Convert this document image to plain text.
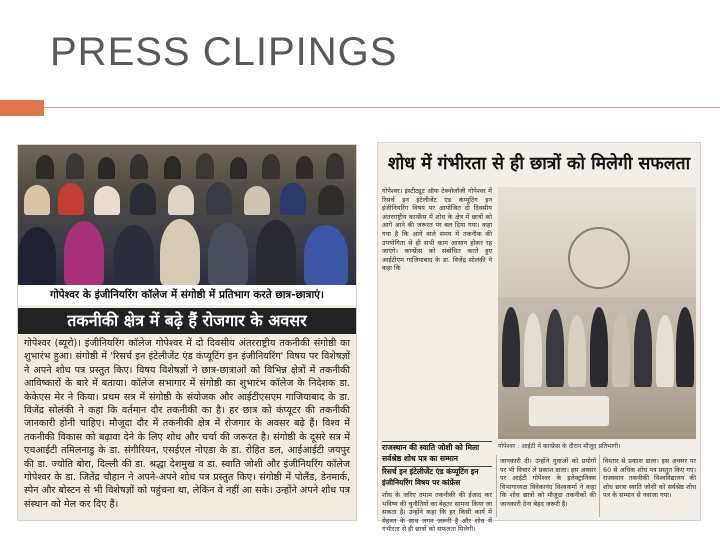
PRESS CLIPINGS
गोपेश्वर के इंजीनियरिंग कॉलेज में संगोष्ठी में प्रतिभाग करते छात्र-छात्राएं।
तकनीकी क्षेत्र में बढ़े हैं रोजगार के अवसर
गोपेश्वर (ब्यूरो)। इंजीनियरिंग कॉलेज गोपेश्वर में दो दिवसीय अंतरराष्ट्रीय तकनीकी संगोष्ठी का शुभारंभ हुआ। संगोष्ठी में 'रिसर्च इन इंटेलीजेंट एंड कंप्यूटिंग इन इंजीनियरिंग' विषय पर विशेषज्ञों ने अपने शोध पत्र प्रस्तुत किए। विषय विशेषज्ञों ने छात्र-छात्राओं को विभिन्न क्षेत्रों में तकनीकी आविष्कारों के बारे में बताया। कॉलेज सभागार में संगोष्ठी का शुभारंभ कॉलेज के निदेशक डा. केकेएस मेर ने किया। प्रथम सत्र में संगोष्ठी के संयोजक और आईटीएसएम गाजियाबाद के डा. विजेंद्र सोलंकी ने कहा कि वर्तमान दौर तकनीकी का है। हर छात्र को कंप्यूटर की तकनीकी जानकारी होनी चाहिए। मौजूदा दौर में तकनीकी क्षेत्र में रोजगार के अवसर बढ़े हैं। विश्व में तकनीकी विकास को बढ़ावा देने के लिए शोध और चर्चा की जरूरत है। संगोष्ठी के दूसरे सत्र में एचआईटी तमिलनाडु के डा. संगीरियन, एसईएल नोएडा के डा. रोहित डल, आईआईटी जयपुर की डा. ज्योति बोरा, दिल्ली की डा. श्रद्धा देशमुख व डा. स्वाति जोशी और इंजीनियरिंग कॉलेज गोपेश्वर के डा. जितेंद्र चौहान ने अपने-अपने शोध पत्र प्रस्तुत किए। संगोष्ठी में पोलैंड, डेनमार्क, स्पेन और बोस्टन से भी विशेषज्ञों को पहुंचना था, लेकिन वे नहीं आ सके। उन्होंने अपने शोध पत्र संस्थान को मेल कर दिए हैं।
शोध में गंभीरता से ही छात्रों को मिलेगी सफलता
गोपेश्वर। इंस्टीट्यूट ऑफ टेक्नोलॉजी गोपेश्वर में रिसर्च इन इंटेलीजेंट एंड कंप्यूटिंग इन इंजीनियरिंग विषय पर आयोजित दो दिवसीय अंतरराष्ट्रीय कान्फ्रेंस में शोध के क्षेत्र में छात्रों को आगे आने की जरूरत पर बल दिया गया। कहा गया है कि आने वाले समय में तकनीक की उपयोगिता से ही सभी काम आसान होकर रह जाएंगे। कान्फ्रेंस को संबोधित करते हुए आईटीएम गाजियाबाद के डा. विजेंद्र सोलंकी ने कहा कि
गोपेश्वर : आईटी में कान्फ्रेंस के दौरान मौजूद प्रतिभागी।
राजस्थान की स्वाति जोशी को मिला सर्वश्रेष्ठ शोध पत्र का सम्मान
रिसर्च इन इंटेलीजेंट एंड कंप्यूटिंग इन इंजीनियरिंग विषय पर कांफ्रेंस
शोध के जरिए तमाम तकनीकी की ईजाद कर भविष्य की चुनौतियों का बेहतर सामना किया जा सकता है। उन्होंने कहा कि हर किसी कार्य में मेहनत के साथ लगन जरूरी है और शोध में गंभीरता से ही छात्रों को सफलता मिलेगी।
जानकारी दी। उन्होंने युवाओं को प्रयोगों पर भी विचार ले प्रकाश डाला। इस अवसर पर आईटी गोपेश्वर के इलेक्ट्रानिक्स विभागाध्यक्ष विवेकानंद विश्वकर्मा ने कहा कि शोध छात्रों को मौजूदा तकनीकों की जानकारी देना बेहद जरूरी है।
विस्तार से प्रकाश डाला। इस अवसर पर 60 से अधिक शोध पत्र प्रस्तुत किए गए। राजस्थान तकनीकी विश्वविद्यालय की शोध छात्रा स्वाति जोशी को सर्वश्रेष्ठ शोध पत्र के सम्मान से नवाजा गया।
